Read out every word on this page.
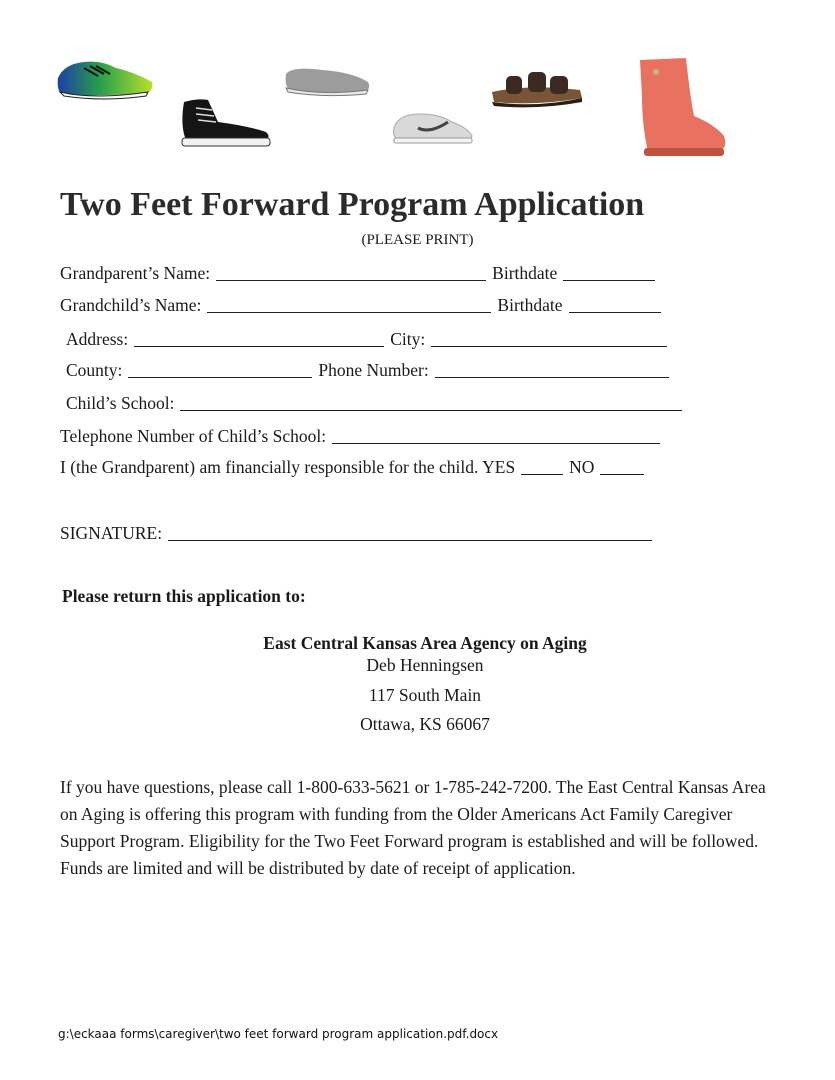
Two Feet Forward Program Application
(PLEASE PRINT)
Grandparent’s Name:	Birthdate
Grandchild’s Name:	Birthdate
Address:	City:
County:	Phone Number:
Child’s School:
Telephone Number of Child’s School:
I (the Grandparent) am financially responsible for the child. YES	NO
SIGNATURE:
Please return this application to:
East Central Kansas Area Agency on Aging
Deb Henningsen
117 South Main
Ottawa, KS 66067
If you have questions, please call 1-800-633-5621 or 1-785-242-7200. The East Central Kansas Area on Aging is offering this program with funding from the Older Americans Act Family Caregiver Support Program. Eligibility for the Two Feet Forward program is established and will be followed. Funds are limited and will be distributed by date of receipt of application.
g:\eckaaa forms\caregiver\two feet forward program application.pdf.docx
